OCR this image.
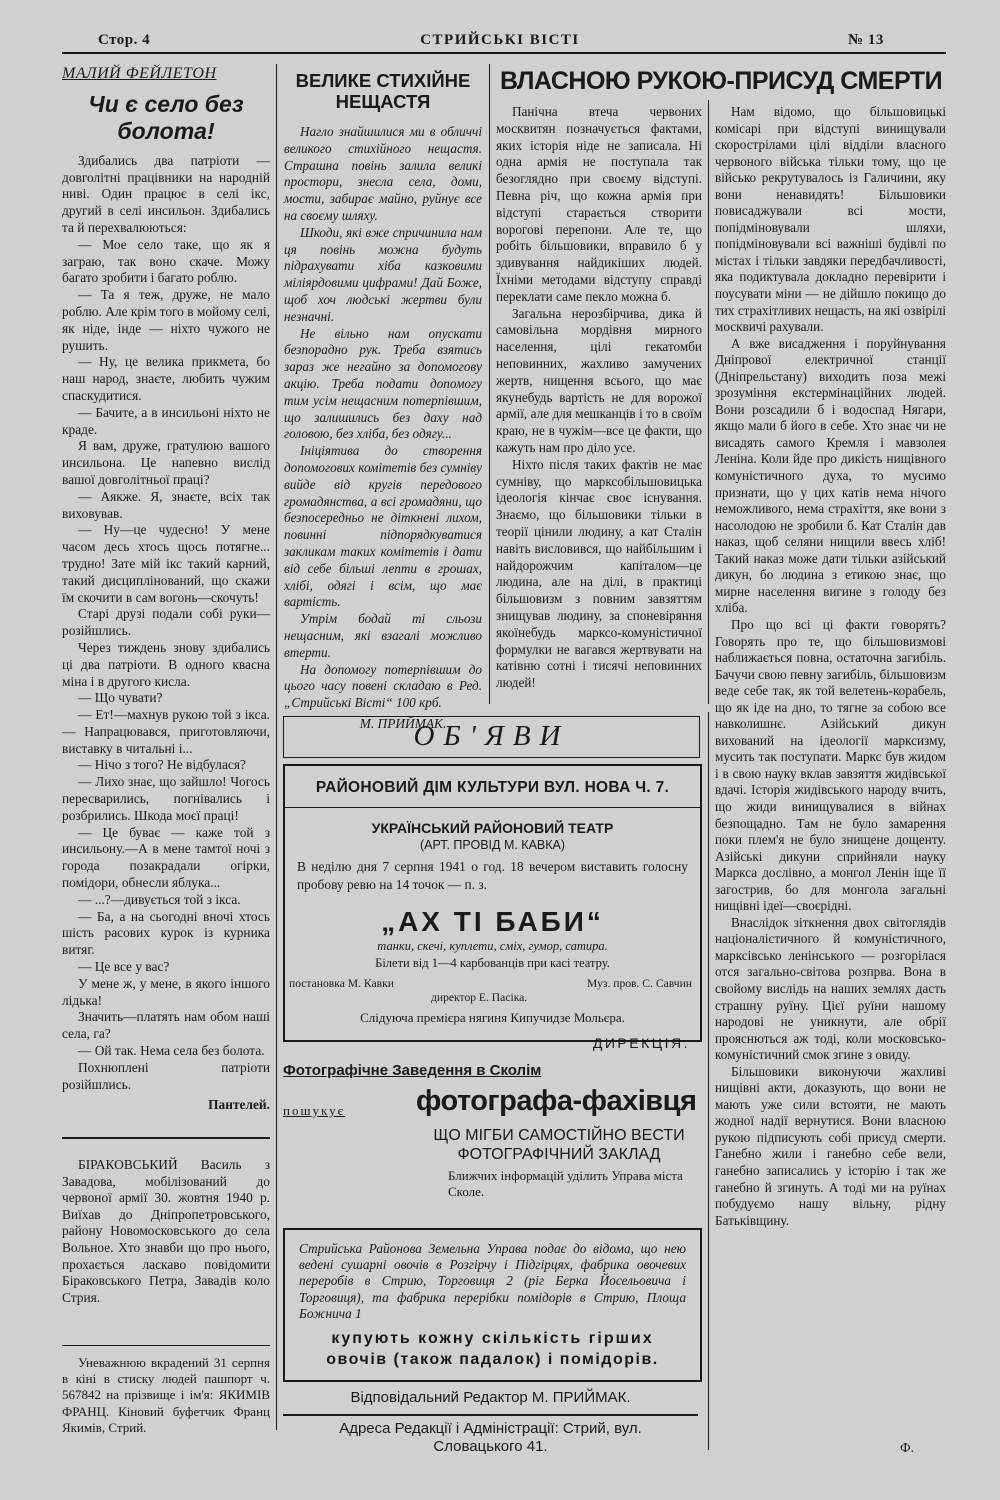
Стор. 4	СТРИЙСЬКІ ВІСТІ	№ 13
МАЛИЙ ФЕЙЛЕТОН
Чи є село без болота!

Здибались два патріоти — довголітні працівники на народній ниві. Один працює в селі ікс, другий в селі инсильон. Здибались та й перехвалюються:

— Мое село таке, що як я заграю, так воно скаче. Можу багато зробити і багато роблю.

— Та я теж, друже, не мало роблю. Але крім того в мойому селі, як ніде, інде — ніхто чужого не рушить.

— Ну, це велика прикмета, бо наш народ, знаєте, любить чужим спаскудитися.

— Бачите, а в инсильоні ніхто не краде.

Я вам, друже, гратулюю вашого инсильона. Це напевно вислід вашої довголітньої праці?

— Аякже. Я, знаєте, всіх так виховував.

— Ну—це чудесно! У мене часом десь хтось щось потягне... трудно! Зате мій ікс такий карний, такий дисциплінований, що скажи їм скочити в сам вогонь—скочуть!

Старі друзі подали собі руки—розійшлись.

Через тиждень знову здибались ці два патріоти. В одного квасна міна і в другого кисла.

— Що чувати?

— Ет!—махнув рукою той з ікса. — Напрацювався, приготовляючи, виставку в читальні і...

— Нічо з того? Не відбулася?

— Лихо знає, що зайшло! Чогось пересварились, погнівались і розбрились. Шкода моєї праці!

— Це буває — каже той з инсильону.—А в мене тамтої ночі з города позакрадали огірки, помідори, обнесли яблука...

— ...?—дивується той з ікса.

— Ба, а на сьогодні вночі хтось шість расових курок із курника витяг.

— Це все у вас?

У мене ж, у мене, в якого іншого лідька!

Значить—платять нам обом наші села, га?

— Ой так. Нема села без болота.

Похнюплені патріоти розійшлись.

Пантелей.

БІРАКОВСЬКИЙ Василь з Завадова, мобілізований до червоної армії 30. жовтня 1940 р. Виїхав до Дніпропетровського, району Новомосковського до села Вольное. Хто знавби що про нього, прохається ласкаво повідомити Біраковського Петра, Завадів коло Стрия.

Уневажнюю вкрадений 31 серпня в кіні в стиску людей пашпорт ч. 567842 на прізвище і ім'я: ЯКИМІВ ФРАНЦ. Кіновий буфетчик Франц Якимів, Стрий.

ВЕЛИКЕ СТИХІЙНЕ НЕЩАСТЯ

Нагло знайшилися ми в обличчі великого стихійного нещастя. Страшна повінь залила великі простори, знесла села, доми, мости, забирає майно, руйнує все на своєму шляху.

Шкоди, які вже спричинила нам ця повінь можна будуть підрахувати хіба казковими міліярдовими цифрами! Дай Боже, щоб хоч людські жертви були незначні.

Не вільно нам опускати безпорадно рук. Треба взятись зараз же негайно за допомогову акцію. Треба подати допомогу тим усім нещасним потерпівшим, що залишились без даху над головою, без хліба, без одягу...

Ініціятива до створення допомогових комітетів без сумніву вийде від кругів передового громадянства, а всі громадяни, що безпосередньо не діткнені лихом, повинні підпорядкуватися закликам таких комітетів і дати від себе більші лепти в грошах, хлібі, одягі і всім, що має вартість.

Утрім бодай ті сльози нещасним, які взагалі можливо втерти.

На допомогу потерпівшим до цього часу повені складаю в Ред. „Стрийські Вісті“ 100 крб.

М. ПРИЙМАК.
ВЛАСНОЮ РУКОЮ-ПРИСУД СМЕРТИ

Панічна втеча червоних москвитян позначується фактами, яких історія ніде не записала. Ні одна армія не поступала так безоглядно при своєму відступі. Певна річ, що кожна армія при відступі старається створити ворогові перепони. Але те, що робіть більшовики, вправило б у здивування найдикіших людей. Їхніми методами відступу справді переклати саме пекло можна б.

Загальна нерозбірчива, дика й самовільна мордівня мирного населення, цілі гекатомби неповинних, жахливо замучених жертв, нищення всього, що має якунебудь вартість не для ворожої армії, але для мешканців і то в своїм краю, не в чужім—все це факти, що кажуть нам про діло усе.

Ніхто після таких фактів не має сумніву, що марксобільшовицька ідеологія кінчає своє існування. Знаємо, що більшовики тільки в теорії цінили людину, а кат Сталін навіть висловився, що найбільшим і найдорожчим капіталом—це людина, але на ділі, в практиці більшовизм з повним завзяттям знищував людину, за споневіряння якоїнебудь марксо-комуністичної формулки не вагався жертвувати на катівню сотні і тисячі неповинних людей!

Нам відомо, що більшовицькі комісарі при відступі винищували скорострілами цілі відділи власного червоного війська тільки тому, що це військо рекрутувалось із Галичини, яку вони ненавидять! Більшовики повисаджували всі мости, попідміновували шляхи, попідміновували всі важніші будівлі по містах і тільки завдяки передбачливості, яка подиктувала докладно перевірити і поусувати міни — не дійшло покищо до тих страхітливих нещасть, на які озвірілі москвичі рахували.

А вже висадження і поруйнування Дніпрової електричної станції (Дніпрельстану) виходить поза межі зрозуміння екстермінаційних людей. Вони розсадили б і водоспад Нягари, якщо мали б його в себе. Хто знає чи не висадять самого Кремля і мавзолея Леніна. Коли йде про дикість нищівного комуністичного духа, то мусимо признати, що у цих катів нема нічого неможливого, нема страхіття, яке вони з насолодою не зробили б. Кат Сталін дав наказ, щоб селяни нищили ввесь хліб! Такий наказ може дати тільки азійський дикун, бо людина з етикою знає, що мирне населення вигине з голоду без хліба.

Про що всі ці факти говорять? Говорять про те, що більшовизмові наближається повна, остаточна загибіль. Бачучи свою певну загибіль, більшовизм веде себе так, як той велетень-корабель, що як іде на дно, то тягне за собою все навколишнє. Азійський дикун вихований на ідеології марксизму, мусить так поступати. Маркс був жидом і в свою науку вклав завзяття жидівської вдачі. Історія жидівського народу вчить, що жиди винищувалися в війнах безпощадно. Там не було замарення поки плем'я не було знищене дощенту. Азійські дикуни сприйняли науку Маркса дослівно, а монгол Ленін іще її загострив, бо для монгола загальні нищівні ідеї—своєрідні.

Внаслідок зіткнення двох світоглядів націоналістичного й комуністичного, марксівсько ленінського — розгорілася отся загально-світова розпрва. Вона в свойому вислідь на наших землях дасть страшну руїну. Цієї руїни нашому народові не уникнути, але обрії прояснються аж тоді, коли московсько-комуністичний смок згине з овиду.

Більшовики виконуючи жахливі нищівні акти, доказують, що вони не мають уже сили встояти, не мають жодної надії вернутися. Вони власною рукою підписують собі присуд смерти. Ганебно жили і ганебно себе вели, ганебно записались у історію і так же ганебно й згинуть. А тоді ми на руїнах побудуємо нашу вільну, рідну Батьківщину.

Ф.
ОБ'ЯВИ
РАЙОНОВИЙ ДІМ КУЛЬТУРИ ВУЛ. НОВА Ч. 7.
УКРАЇНСЬКИЙ РАЙОНОВИЙ ТЕАТР
(АРТ. ПРОВІД М. КАВКА)
В неділю дня 7 серпня 1941 о год. 18 вечером виставить голосну пробову ревю на 14 точок — п. з.
„АХ ТІ БАБИ“
танки, скечі, куплети, сміх, гумор, сатира.
Білети від 1—4 карбованців при касі театру.
постановка М. Кавки	Муз. пров. С. Савчин
директор Е. Пасіка.
Слідуюча премієра нягиня Кипучидзе Мольєра.
ДИРЕКЦІЯ.
Фотографічне Заведення в Сколім
пошукує фотографа-фахівця
ЩО МІГБИ САМОСТІЙНО ВЕСТИ
ФОТОГРАФІЧНИЙ ЗАКЛАД
Ближчих інформацій уділить Управа міста Сколе.
Стрийська Районова Земельна Управа подає до відома, що нею ведені сушарні овочів в Розгірчу і Підгірцях, фабрика овочевих переробів в Стрию, Торговиця 2 (ріг Берка Йосельовича і Торговиця), та фабрика перерібки помідорів в Стрию, Площа Божнича 1
купують кожну скількість гірших
овочів (також падалок) і помідорів.
Відповідальний Редактор М. ПРИЙМАК.
Адреса Редакції і Адміністрації: Стрий, вул.
Словацького 41.
